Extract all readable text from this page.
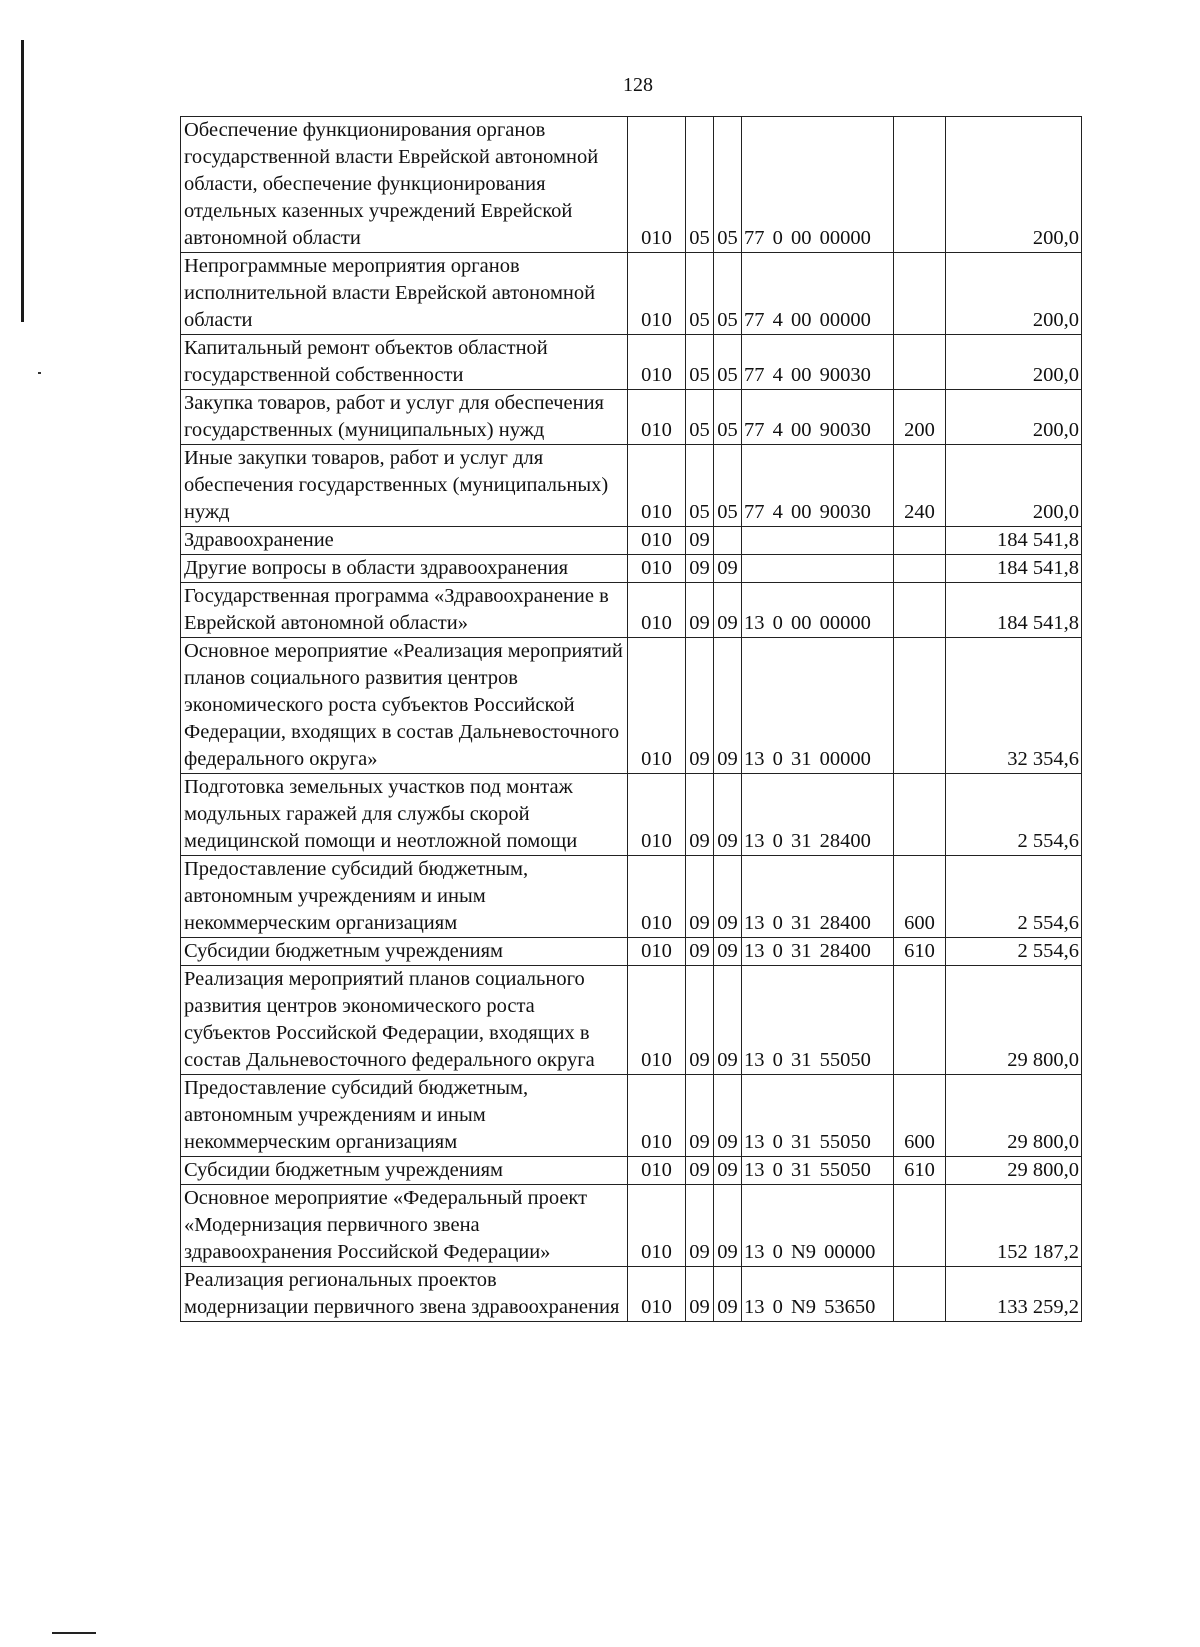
128
Обеспечение функционирования органов государственной власти Еврейской автономной области, обеспечение функционирования отдельных казенных учреждений Еврейской автономной области	010	05	05	77 0 00 00000		200,0
Непрограммные мероприятия органов исполнительной власти Еврейской автономной области	010	05	05	77 4 00 00000		200,0
Капитальный ремонт объектов областной государственной собственности	010	05	05	77 4 00 90030		200,0
Закупка товаров, работ и услуг для обеспечения государственных (муниципальных) нужд	010	05	05	77 4 00 90030	200	200,0
Иные закупки товаров, работ и услуг для обеспечения государственных (муниципальных) нужд	010	05	05	77 4 00 90030	240	200,0
Здравоохранение	010	09				184 541,8
Другие вопросы в области здравоохранения	010	09	09			184 541,8
Государственная программа «Здравоохранение в Еврейской автономной области»	010	09	09	13 0 00 00000		184 541,8
Основное мероприятие «Реализация мероприятий планов социального развития центров экономического роста субъектов Российской Федерации, входящих в состав Дальневосточного федерального округа»	010	09	09	13 0 31 00000		32 354,6
Подготовка земельных участков под монтаж модульных гаражей для службы скорой медицинской помощи и неотложной помощи	010	09	09	13 0 31 28400		2 554,6
Предоставление субсидий бюджетным, автономным учреждениям и иным некоммерческим организациям	010	09	09	13 0 31 28400	600	2 554,6
Субсидии бюджетным учреждениям	010	09	09	13 0 31 28400	610	2 554,6
Реализация мероприятий планов социального развития центров экономического роста субъектов Российской Федерации, входящих в состав Дальневосточного федерального округа	010	09	09	13 0 31 55050		29 800,0
Предоставление субсидий бюджетным, автономным учреждениям и иным некоммерческим организациям	010	09	09	13 0 31 55050	600	29 800,0
Субсидии бюджетным учреждениям	010	09	09	13 0 31 55050	610	29 800,0
Основное мероприятие «Федеральный проект «Модернизация первичного звена здравоохранения Российской Федерации»	010	09	09	13 0 N9 00000		152 187,2
Реализация региональных проектов модернизации первичного звена здравоохранения	010	09	09	13 0 N9 53650		133 259,2
